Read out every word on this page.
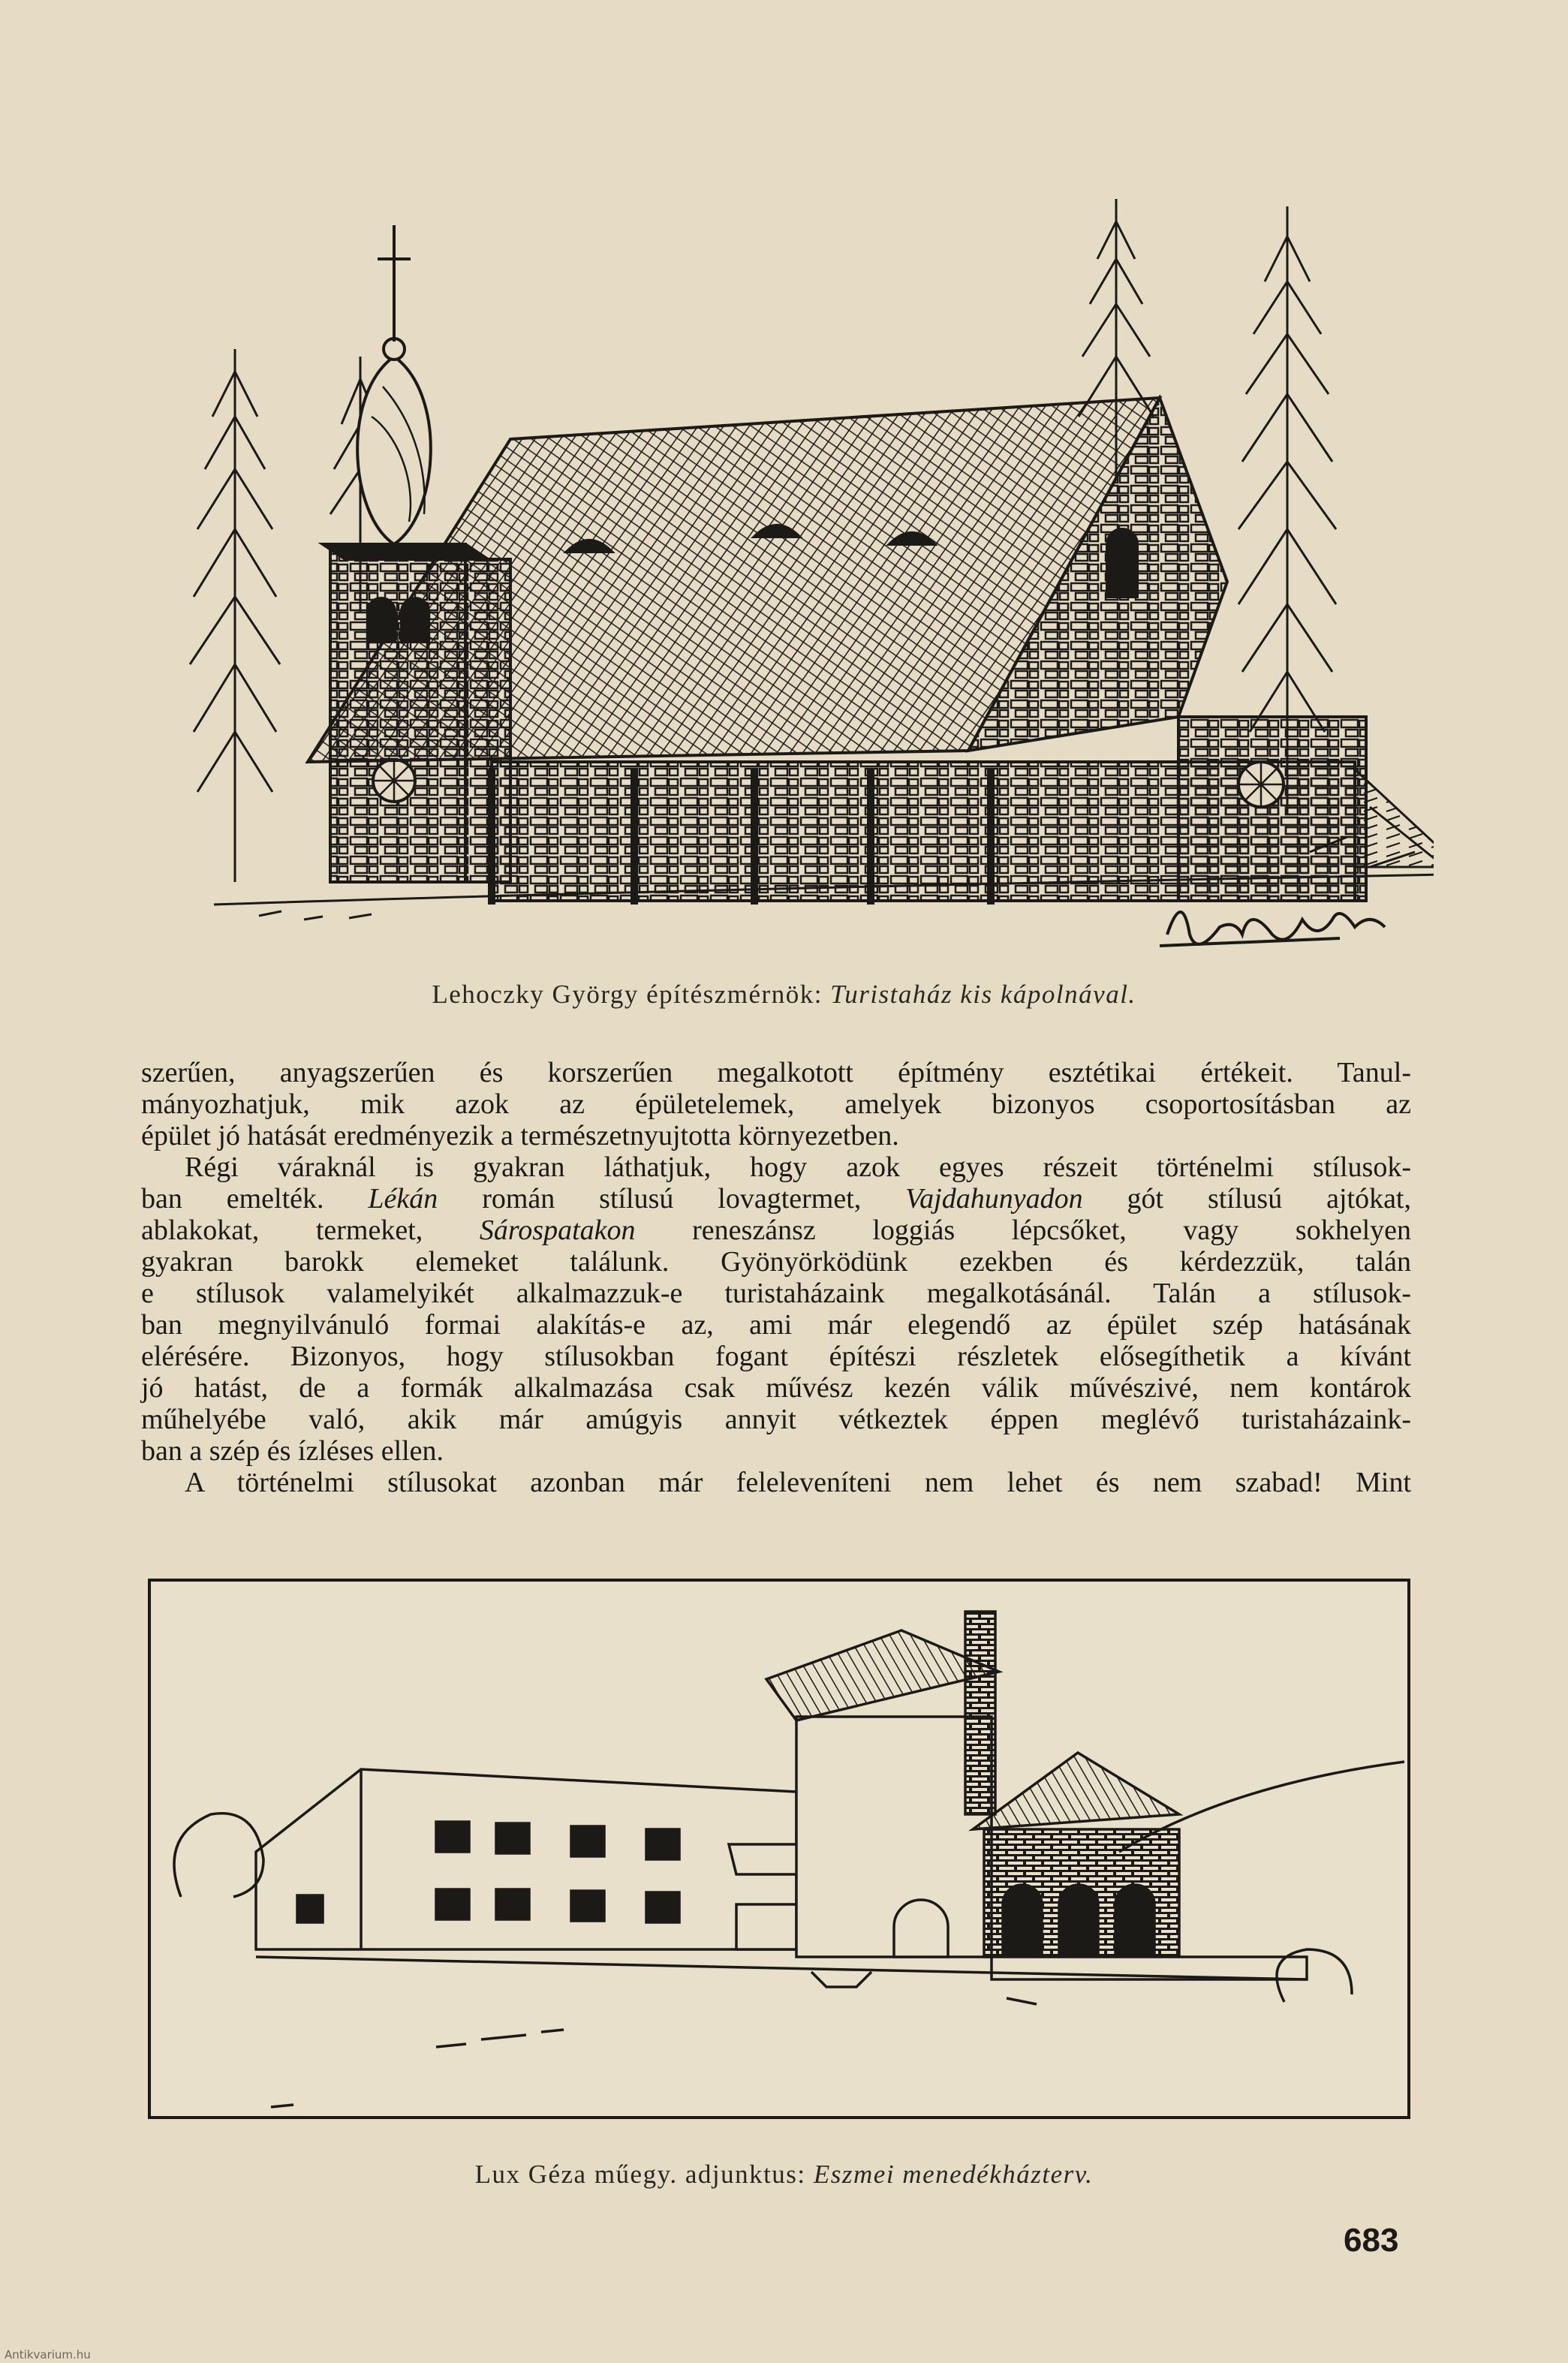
Lehoczky György építészmérnök: Turistaház kis kápolnával.

szerűen, anyagszerűen és korszerűen megalkotott építmény esztétikai értékeit. Tanul-
mányozhatjuk, mik azok az épületelemek, amelyek bizonyos csoportosításban az
épület jó hatását eredményezik a természetnyujtotta környezetben.

Régi váraknál is gyakran láthatjuk, hogy azok egyes részeit történelmi stílusok-
ban emelték. Lékán román stílusú lovagtermet, Vajdahunyadon gót stílusú ajtókat,
ablakokat, termeket, Sárospatakon reneszánsz loggiás lépcsőket, vagy sokhelyen
gyakran barokk elemeket találunk. Gyönyörködünk ezekben és kérdezzük, talán
e stílusok valamelyikét alkalmazzuk-e turistaházaink megalkotásánál. Talán a stílusok-
ban megnyilvánuló formai alakítás-e az, ami már elegendő az épület szép hatásának
elérésére. Bizonyos, hogy stílusokban fogant építészi részletek elősegíthetik a kívánt
jó hatást, de a formák alkalmazása csak művész kezén válik művészivé, nem kontárok
műhelyébe való, akik már amúgyis annyit vétkeztek éppen meglévő turistaházaink-
ban a szép és ízléses ellen.

A történelmi stílusokat azonban már feleleveníteni nem lehet és nem szabad! Mint

Lux Géza műegy. adjunktus: Eszmei menedékházterv.
683
Antikvarium.hu
